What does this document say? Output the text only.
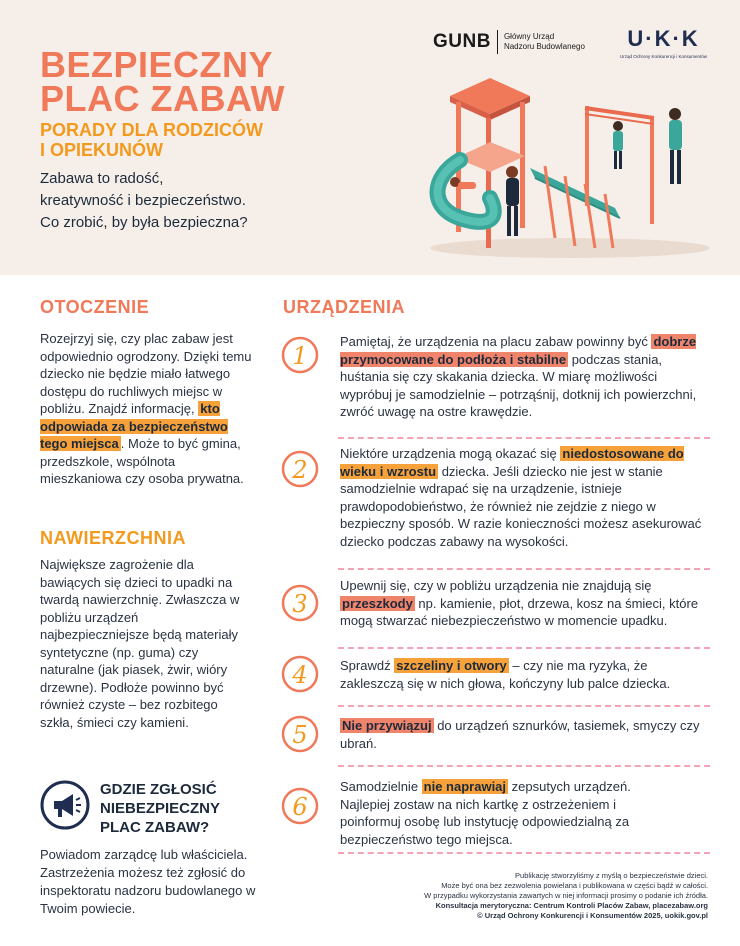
BEZPIECZNY
PLAC ZABAW
PORADY DLA RODZICÓW
I OPIEKUNÓW
Zabawa to radość,
kreatywność i bezpieczeństwo.
Co zrobić, by była bezpieczna?
GUNB Główny Urząd
Nadzoru Budowlanego	U·K·K
Urząd Ochrony Konkurencji i Konsumentów
OTOCZENIE
Rozejrzyj się, czy plac zabaw jest odpowiednio ogrodzony. Dzięki temu dziecko nie będzie miało łatwego dostępu do ruchliwych miejsc w pobliżu. Znajdź informację, kto odpowiada za bezpieczeństwo tego miejsca . Może to być gmina, przedszkole, wspólnota mieszkaniowa czy osoba prywatna.
NAWIERZCHNIA
Największe zagrożenie dla bawiących się dzieci to upadki na twardą nawierzchnię. Zwłaszcza w pobliżu urządzeń najbezpieczniejsze będą materiały syntetyczne (np. guma) czy naturalne (jak piasek, żwir, wióry drzewne). Podłoże powinno być również czyste – bez rozbitego szkła, śmieci czy kamieni.
GDZIE ZGŁOSIĆ
NIEBEZPIECZNY
PLAC ZABAW?
Powiadom zarządcę lub właściciela. Zastrzeżenia możesz też zgłosić do inspektoratu nadzoru budowlanego w Twoim powiecie.
URZĄDZENIA
1
Pamiętaj, że urządzenia na placu zabaw powinny być dobrze przymocowane do podłoża i stabilne podczas stania, huśtania się czy skakania dziecka. W miarę możliwości wypróbuj je samodzielnie – potrząśnij, dotknij ich powierzchni, zwróć uwagę na ostre krawędzie.
2
Niektóre urządzenia mogą okazać się niedostosowane do wieku i wzrostu dziecka. Jeśli dziecko nie jest w stanie samodzielnie wdrapać się na urządzenie, istnieje prawdopodobieństwo, że również nie zejdzie z niego w bezpieczny sposób. W razie konieczności możesz asekurować dziecko podczas zabawy na wysokości.
3
Upewnij się, czy w pobliżu urządzenia nie znajdują się przeszkody np. kamienie, płot, drzewa, kosz na śmieci, które mogą stwarzać niebezpieczeństwo w momencie upadku.
4 Sprawdź szczeliny i otwory – czy nie ma ryzyka, że zakleszczą się w nich głowa, kończyny lub palce dziecka.
5	Nie przywiązuj do urządzeń sznurków, tasiemek, smyczy czy ubrań.
6
Samodzielnie nie naprawiaj zepsutych urządzeń. Najlepiej zostaw na nich kartkę z ostrzeżeniem i poinformuj osobę lub instytucję odpowiedzialną za bezpieczeństwo tego miejsca.
Publikację stworzyliśmy z myślą o bezpieczeństwie dzieci.
Może być ona bez zezwolenia powielana i publikowana w części bądź w całości.
W przypadku wykorzystania zawartych w niej informacji prosimy o podanie ich źródła.
Konsultacja merytoryczna: Centrum Kontroli Placów Zabaw, placezabaw.org
© Urząd Ochrony Konkurencji i Konsumentów 2025, uokik.gov.pl
